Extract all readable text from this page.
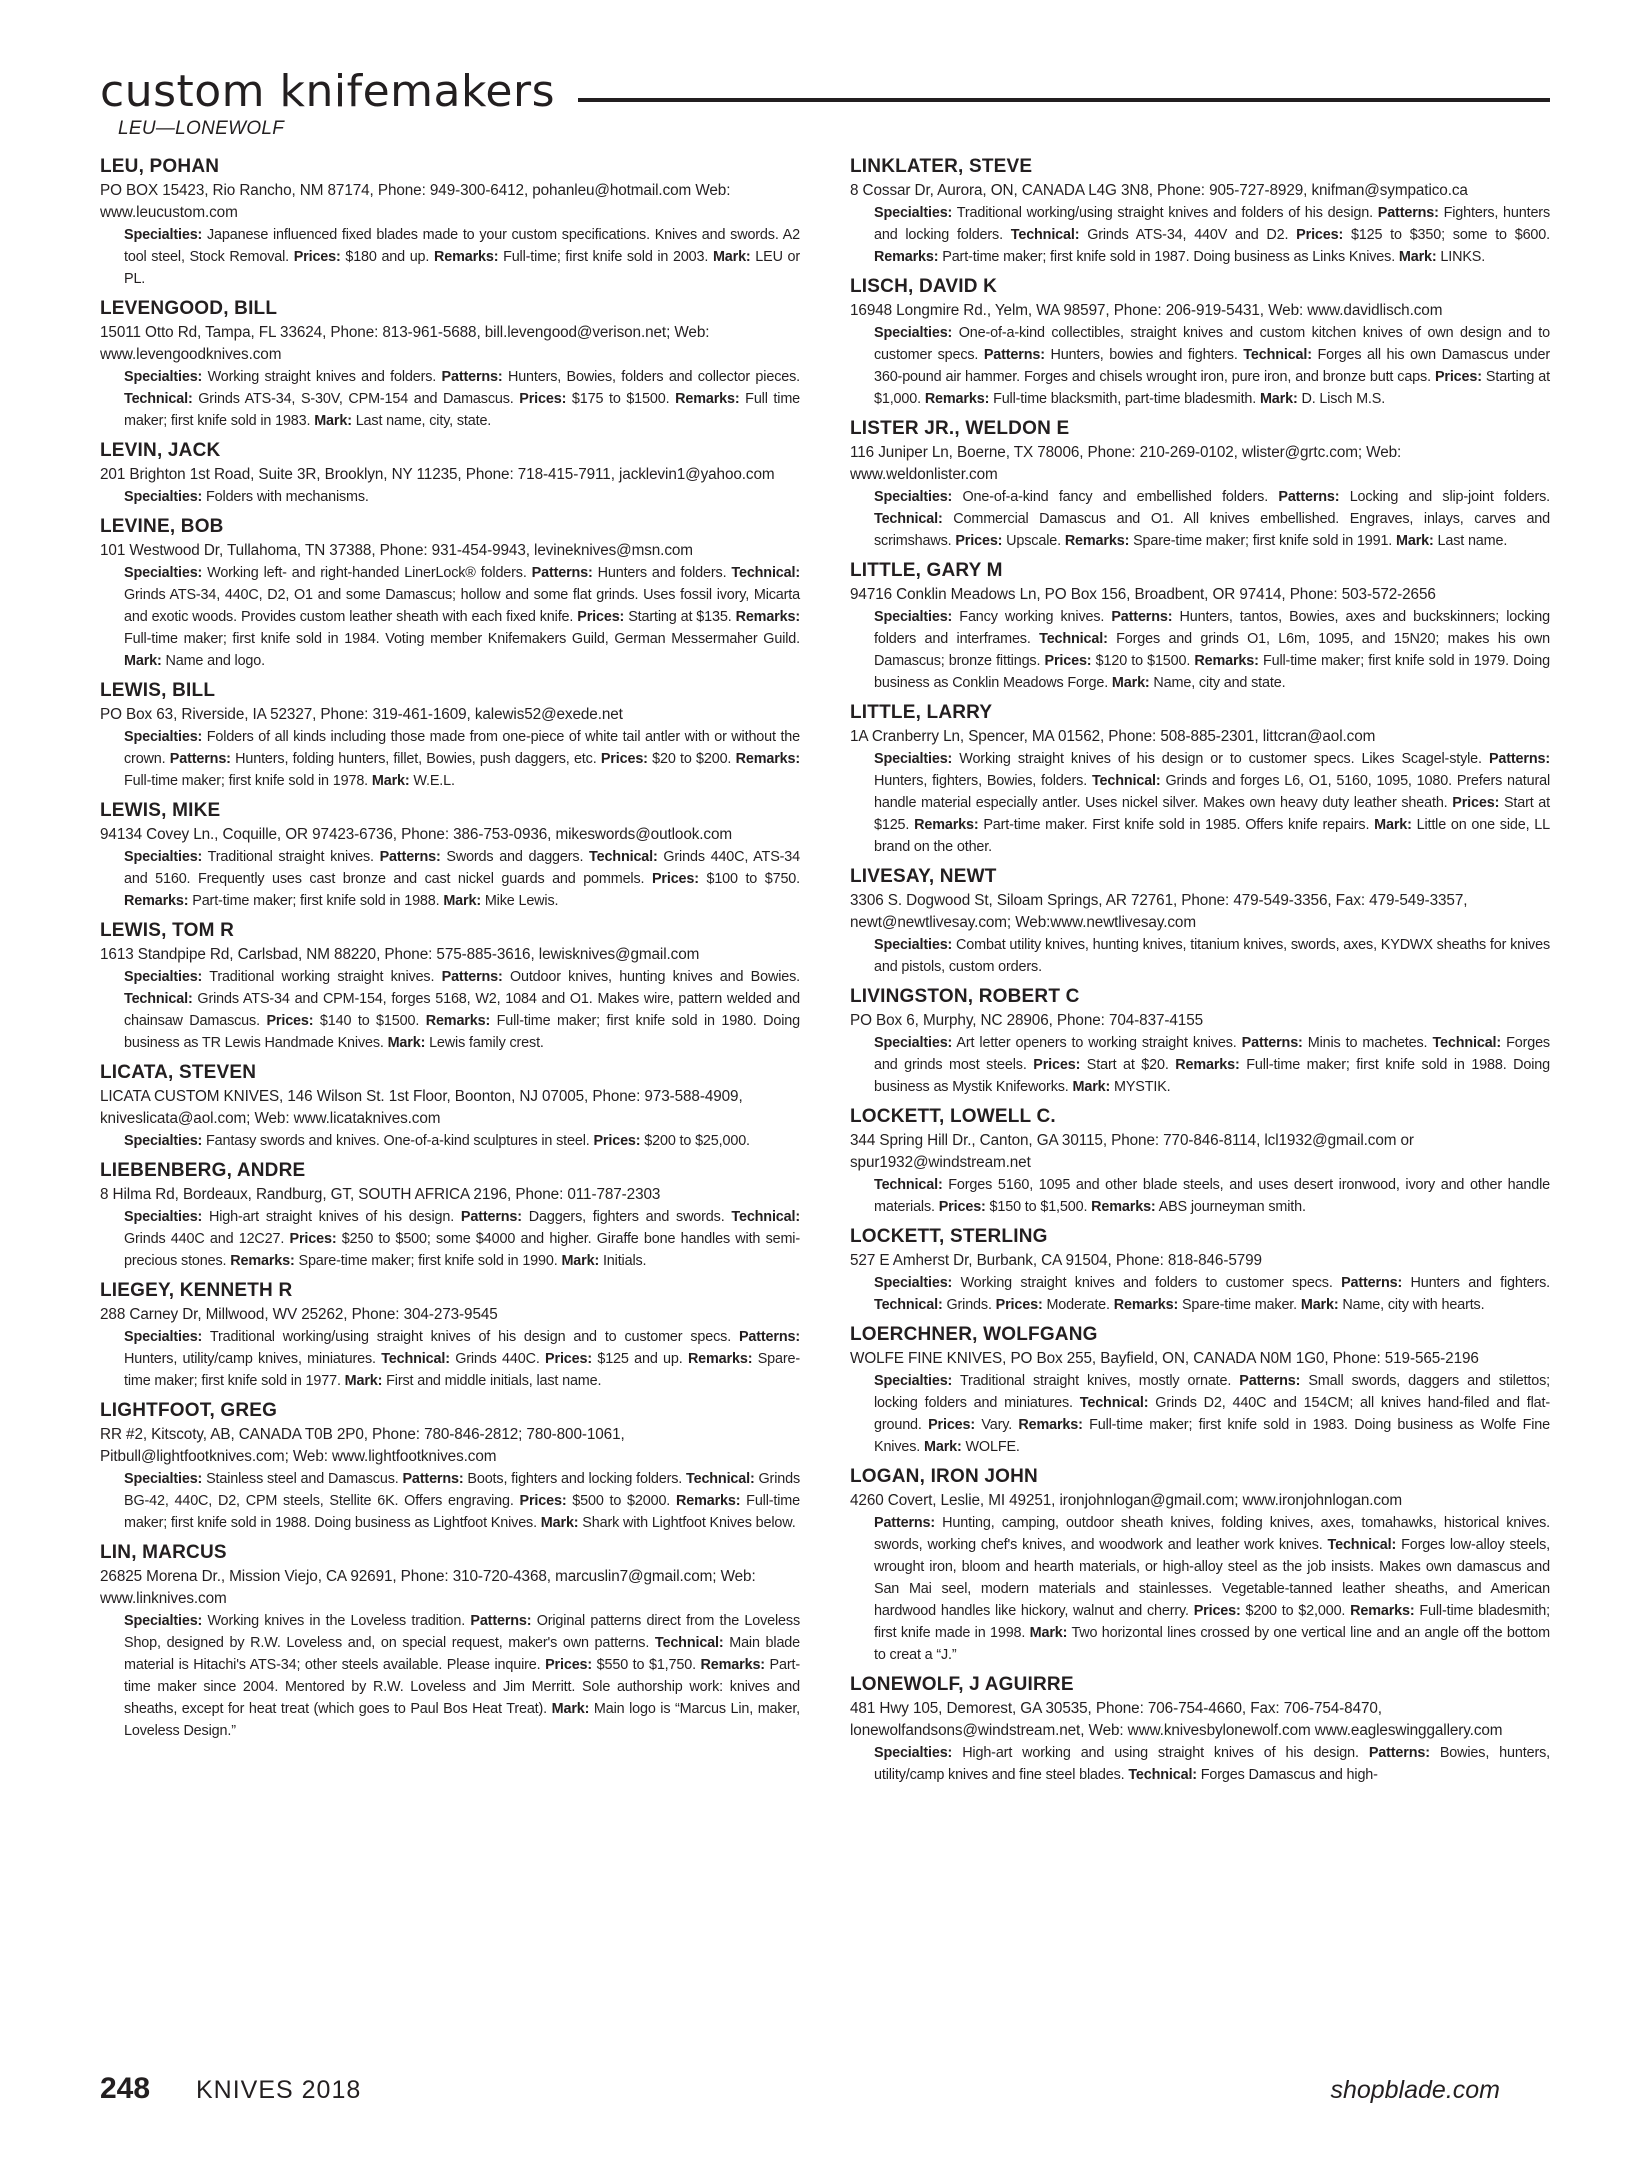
custom knifemakers
LEU—LONEWOLF
LEU, POHAN
PO BOX 15423, Rio Rancho, NM 87174, Phone: 949-300-6412, pohanleu@hotmail.com Web: www.leucustom.com
Specialties: Japanese influenced fixed blades made to your custom specifications. Knives and swords. A2 tool steel, Stock Removal. Prices: $180 and up. Remarks: Full-time; first knife sold in 2003. Mark: LEU or PL.
LEVENGOOD, BILL
15011 Otto Rd, Tampa, FL 33624, Phone: 813-961-5688, bill.levengood@verison.net; Web: www.levengoodknives.com
Specialties: Working straight knives and folders. Patterns: Hunters, Bowies, folders and collector pieces. Technical: Grinds ATS-34, S-30V, CPM-154 and Damascus. Prices: $175 to $1500. Remarks: Full time maker; first knife sold in 1983. Mark: Last name, city, state.
LEVIN, JACK
201 Brighton 1st Road, Suite 3R, Brooklyn, NY 11235, Phone: 718-415-7911, jacklevin1@yahoo.com
Specialties: Folders with mechanisms.
LEVINE, BOB
101 Westwood Dr, Tullahoma, TN 37388, Phone: 931-454-9943, levineknives@msn.com
Specialties: Working left- and right-handed LinerLock® folders. Patterns: Hunters and folders. Technical: Grinds ATS-34, 440C, D2, O1 and some Damascus; hollow and some flat grinds. Uses fossil ivory, Micarta and exotic woods. Provides custom leather sheath with each fixed knife. Prices: Starting at $135. Remarks: Full-time maker; first knife sold in 1984. Voting member Knifemakers Guild, German Messermaher Guild. Mark: Name and logo.
LEWIS, BILL
PO Box 63, Riverside, IA 52327, Phone: 319-461-1609, kalewis52@exede.net
Specialties: Folders of all kinds including those made from one-piece of white tail antler with or without the crown. Patterns: Hunters, folding hunters, fillet, Bowies, push daggers, etc. Prices: $20 to $200. Remarks: Full-time maker; first knife sold in 1978. Mark: W.E.L.
LEWIS, MIKE
94134 Covey Ln., Coquille, OR 97423-6736, Phone: 386-753-0936, mikeswords@outlook.com
Specialties: Traditional straight knives. Patterns: Swords and daggers. Technical: Grinds 440C, ATS-34 and 5160. Frequently uses cast bronze and cast nickel guards and pommels. Prices: $100 to $750. Remarks: Part-time maker; first knife sold in 1988. Mark: Mike Lewis.
LEWIS, TOM R
1613 Standpipe Rd, Carlsbad, NM 88220, Phone: 575-885-3616, lewisknives@gmail.com
Specialties: Traditional working straight knives. Patterns: Outdoor knives, hunting knives and Bowies. Technical: Grinds ATS-34 and CPM-154, forges 5168, W2, 1084 and O1. Makes wire, pattern welded and chainsaw Damascus. Prices: $140 to $1500. Remarks: Full-time maker; first knife sold in 1980. Doing business as TR Lewis Handmade Knives. Mark: Lewis family crest.
LICATA, STEVEN
LICATA CUSTOM KNIVES, 146 Wilson St. 1st Floor, Boonton, NJ 07005, Phone: 973-588-4909, kniveslicata@aol.com; Web: www.licataknives.com
Specialties: Fantasy swords and knives. One-of-a-kind sculptures in steel. Prices: $200 to $25,000.
LIEBENBERG, ANDRE
8 Hilma Rd, Bordeaux, Randburg, GT, SOUTH AFRICA 2196, Phone: 011-787-2303
Specialties: High-art straight knives of his design. Patterns: Daggers, fighters and swords. Technical: Grinds 440C and 12C27. Prices: $250 to $500; some $4000 and higher. Giraffe bone handles with semi-precious stones. Remarks: Spare-time maker; first knife sold in 1990. Mark: Initials.
LIEGEY, KENNETH R
288 Carney Dr, Millwood, WV 25262, Phone: 304-273-9545
Specialties: Traditional working/using straight knives of his design and to customer specs. Patterns: Hunters, utility/camp knives, miniatures. Technical: Grinds 440C. Prices: $125 and up. Remarks: Spare-time maker; first knife sold in 1977. Mark: First and middle initials, last name.
LIGHTFOOT, GREG
RR #2, Kitscoty, AB, CANADA T0B 2P0, Phone: 780-846-2812; 780-800-1061, Pitbull@lightfootknives.com; Web: www.lightfootknives.com
Specialties: Stainless steel and Damascus. Patterns: Boots, fighters and locking folders. Technical: Grinds BG-42, 440C, D2, CPM steels, Stellite 6K. Offers engraving. Prices: $500 to $2000. Remarks: Full-time maker; first knife sold in 1988. Doing business as Lightfoot Knives. Mark: Shark with Lightfoot Knives below.
LIN, MARCUS
26825 Morena Dr., Mission Viejo, CA 92691, Phone: 310-720-4368, marcuslin7@gmail.com; Web: www.linknives.com
Specialties: Working knives in the Loveless tradition. Patterns: Original patterns direct from the Loveless Shop, designed by R.W. Loveless and, on special request, maker's own patterns. Technical: Main blade material is Hitachi's ATS-34; other steels available. Please inquire. Prices: $550 to $1,750. Remarks: Part-time maker since 2004. Mentored by R.W. Loveless and Jim Merritt. Sole authorship work: knives and sheaths, except for heat treat (which goes to Paul Bos Heat Treat). Mark: Main logo is “Marcus Lin, maker, Loveless Design.”
LINKLATER, STEVE
8 Cossar Dr, Aurora, ON, CANADA L4G 3N8, Phone: 905-727-8929, knifman@sympatico.ca
Specialties: Traditional working/using straight knives and folders of his design. Patterns: Fighters, hunters and locking folders. Technical: Grinds ATS-34, 440V and D2. Prices: $125 to $350; some to $600. Remarks: Part-time maker; first knife sold in 1987. Doing business as Links Knives. Mark: LINKS.
LISCH, DAVID K
16948 Longmire Rd., Yelm, WA 98597, Phone: 206-919-5431, Web: www.davidlisch.com
Specialties: One-of-a-kind collectibles, straight knives and custom kitchen knives of own design and to customer specs. Patterns: Hunters, bowies and fighters. Technical: Forges all his own Damascus under 360-pound air hammer. Forges and chisels wrought iron, pure iron, and bronze butt caps. Prices: Starting at $1,000. Remarks: Full-time blacksmith, part-time bladesmith. Mark: D. Lisch M.S.
LISTER JR., WELDON E
116 Juniper Ln, Boerne, TX 78006, Phone: 210-269-0102, wlister@grtc.com; Web: www.weldonlister.com
Specialties: One-of-a-kind fancy and embellished folders. Patterns: Locking and slip-joint folders. Technical: Commercial Damascus and O1. All knives embellished. Engraves, inlays, carves and scrimshaws. Prices: Upscale. Remarks: Spare-time maker; first knife sold in 1991. Mark: Last name.
LITTLE, GARY M
94716 Conklin Meadows Ln, PO Box 156, Broadbent, OR 97414, Phone: 503-572-2656
Specialties: Fancy working knives. Patterns: Hunters, tantos, Bowies, axes and buckskinners; locking folders and interframes. Technical: Forges and grinds O1, L6m, 1095, and 15N20; makes his own Damascus; bronze fittings. Prices: $120 to $1500. Remarks: Full-time maker; first knife sold in 1979. Doing business as Conklin Meadows Forge. Mark: Name, city and state.
LITTLE, LARRY
1A Cranberry Ln, Spencer, MA 01562, Phone: 508-885-2301, littcran@aol.com
Specialties: Working straight knives of his design or to customer specs. Likes Scagel-style. Patterns: Hunters, fighters, Bowies, folders. Technical: Grinds and forges L6, O1, 5160, 1095, 1080. Prefers natural handle material especially antler. Uses nickel silver. Makes own heavy duty leather sheath. Prices: Start at $125. Remarks: Part-time maker. First knife sold in 1985. Offers knife repairs. Mark: Little on one side, LL brand on the other.
LIVESAY, NEWT
3306 S. Dogwood St, Siloam Springs, AR 72761, Phone: 479-549-3356, Fax: 479-549-3357, newt@newtlivesay.com; Web:www.newtlivesay.com
Specialties: Combat utility knives, hunting knives, titanium knives, swords, axes, KYDWX sheaths for knives and pistols, custom orders.
LIVINGSTON, ROBERT C
PO Box 6, Murphy, NC 28906, Phone: 704-837-4155
Specialties: Art letter openers to working straight knives. Patterns: Minis to machetes. Technical: Forges and grinds most steels. Prices: Start at $20. Remarks: Full-time maker; first knife sold in 1988. Doing business as Mystik Knifeworks. Mark: MYSTIK.
LOCKETT, LOWELL C.
344 Spring Hill Dr., Canton, GA 30115, Phone: 770-846-8114, lcl1932@gmail.com or spur1932@windstream.net
Technical: Forges 5160, 1095 and other blade steels, and uses desert ironwood, ivory and other handle materials. Prices: $150 to $1,500. Remarks: ABS journeyman smith.
LOCKETT, STERLING
527 E Amherst Dr, Burbank, CA 91504, Phone: 818-846-5799
Specialties: Working straight knives and folders to customer specs. Patterns: Hunters and fighters. Technical: Grinds. Prices: Moderate. Remarks: Spare-time maker. Mark: Name, city with hearts.
LOERCHNER, WOLFGANG
WOLFE FINE KNIVES, PO Box 255, Bayfield, ON, CANADA N0M 1G0, Phone: 519-565-2196
Specialties: Traditional straight knives, mostly ornate. Patterns: Small swords, daggers and stilettos; locking folders and miniatures. Technical: Grinds D2, 440C and 154CM; all knives hand-filed and flat-ground. Prices: Vary. Remarks: Full-time maker; first knife sold in 1983. Doing business as Wolfe Fine Knives. Mark: WOLFE.
LOGAN, IRON JOHN
4260 Covert, Leslie, MI 49251, ironjohnlogan@gmail.com; www.ironjohnlogan.com
Patterns: Hunting, camping, outdoor sheath knives, folding knives, axes, tomahawks, historical knives. swords, working chef's knives, and woodwork and leather work knives. Technical: Forges low-alloy steels, wrought iron, bloom and hearth materials, or high-alloy steel as the job insists. Makes own damascus and San Mai seel, modern materials and stainlesses. Vegetable-tanned leather sheaths, and American hardwood handles like hickory, walnut and cherry. Prices: $200 to $2,000. Remarks: Full-time bladesmith; first knife made in 1998. Mark: Two horizontal lines crossed by one vertical line and an angle off the bottom to creat a “J.”
LONEWOLF, J AGUIRRE
481 Hwy 105, Demorest, GA 30535, Phone: 706-754-4660, Fax: 706-754-8470, lonewolfandsons@windstream.net, Web: www.knivesbylonewolf.com www.eagleswinggallery.com
Specialties: High-art working and using straight knives of his design. Patterns: Bowies, hunters, utility/camp knives and fine steel blades. Technical: Forges Damascus and high-
248 KNIVES 2018	shopblade.com
